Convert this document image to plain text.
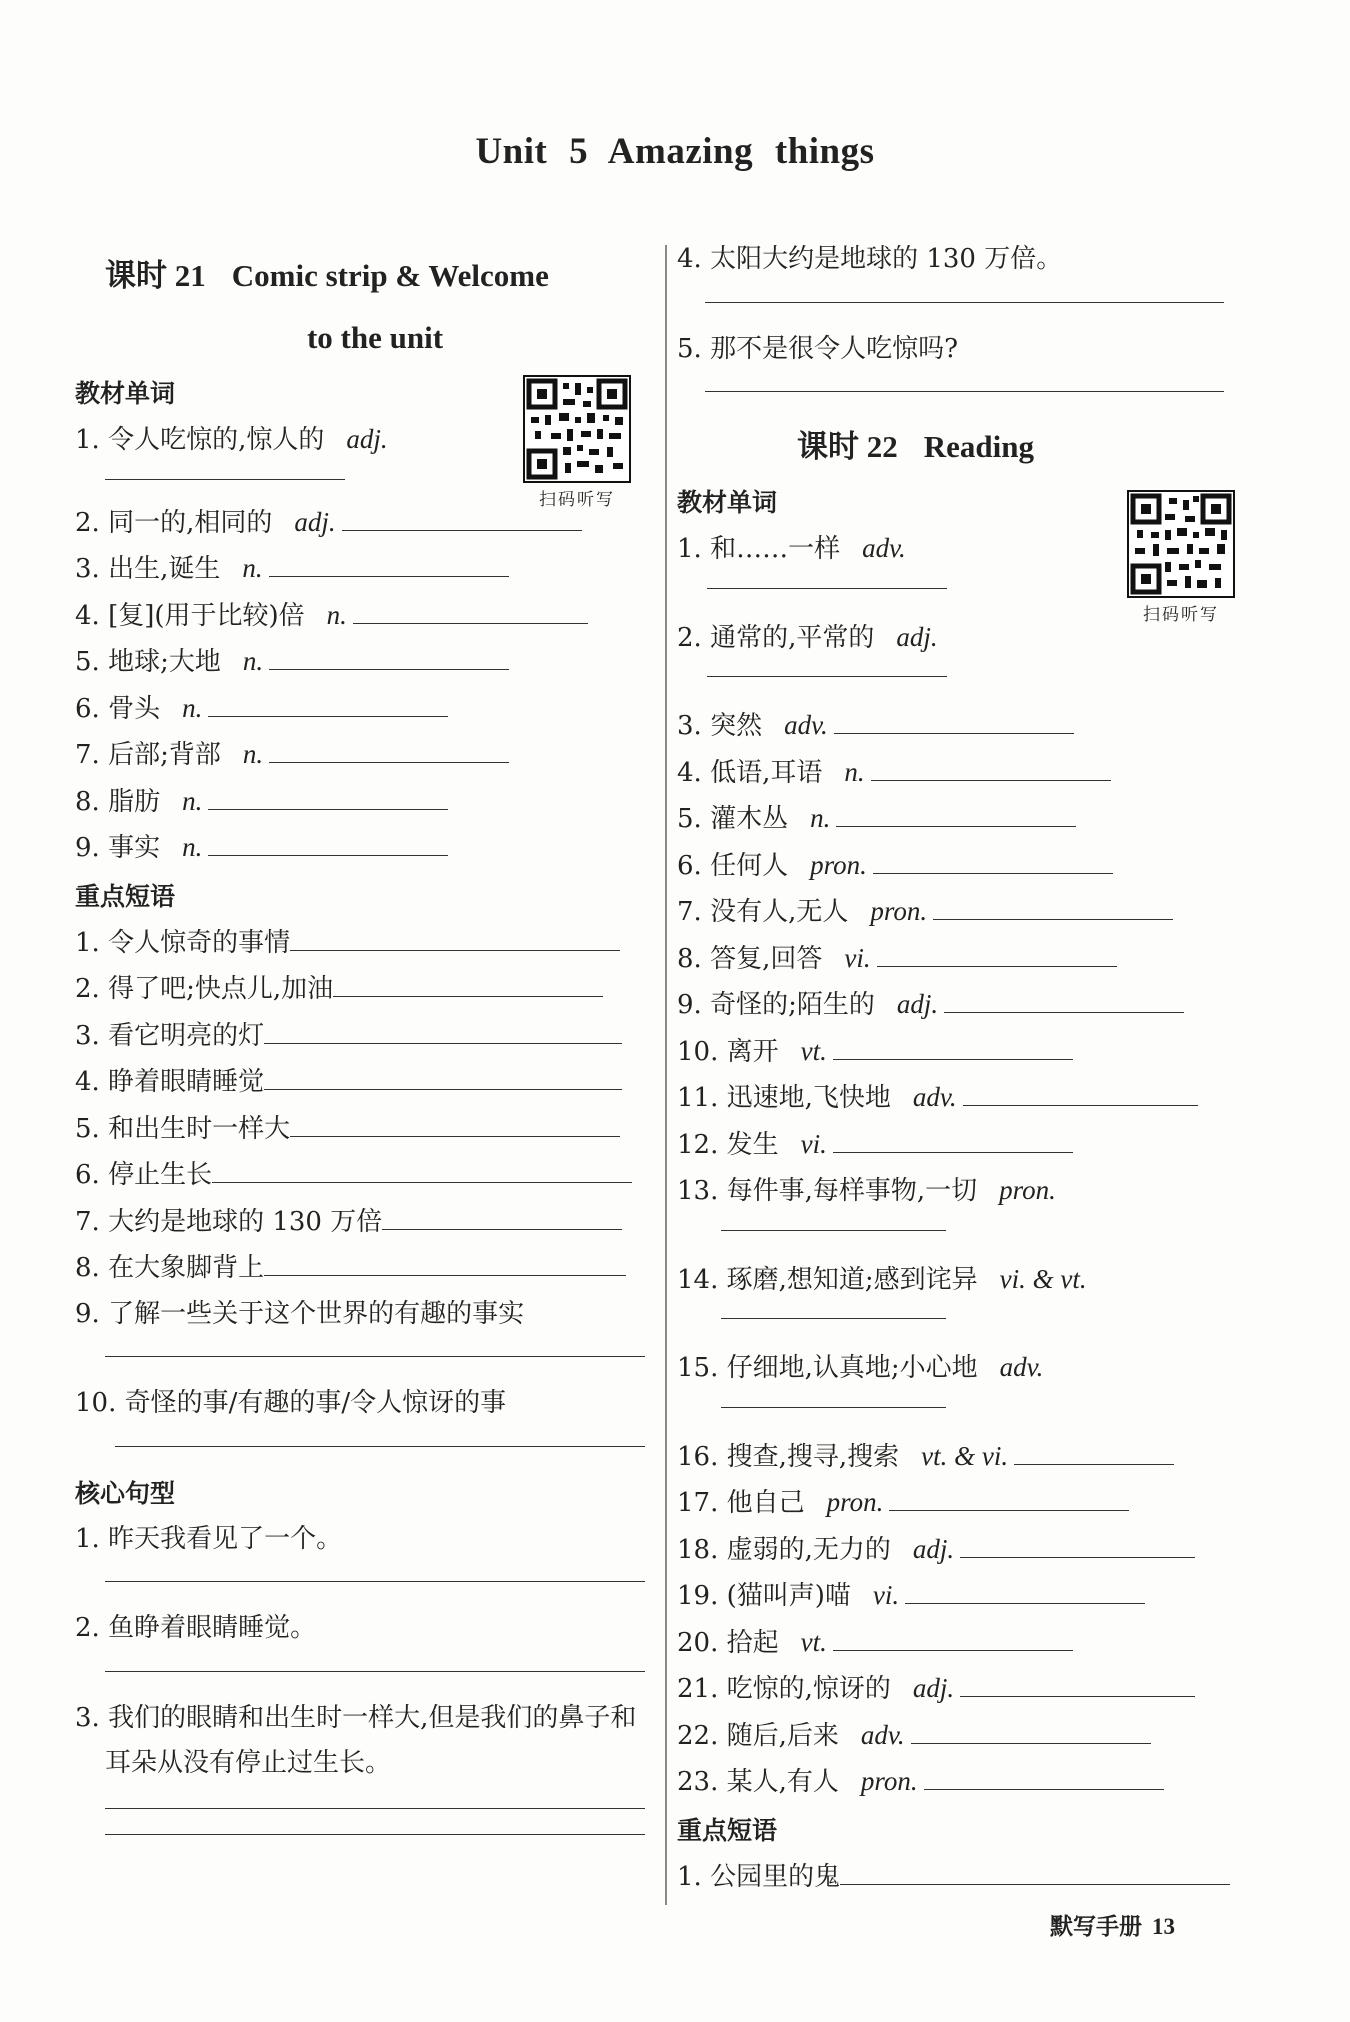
Unit 5 Amazing things
课时 21 Comic strip & Welcome
to the unit
扫码听写
教材单词
1. 令人吃惊的,惊人的 adj.
2. 同一的,相同的 adj.
3. 出生,诞生 n.
4. [复](用于比较)倍 n.
5. 地球;大地 n.
6. 骨头 n.
7. 后部;背部 n.
8. 脂肪 n.
9. 事实 n.
重点短语
1. 令人惊奇的事情
2. 得了吧;快点儿,加油
3. 看它明亮的灯
4. 睁着眼睛睡觉
5. 和出生时一样大
6. 停止生长
7. 大约是地球的 130 万倍
8. 在大象脚背上
9. 了解一些关于这个世界的有趣的事实
10. 奇怪的事/有趣的事/令人惊讶的事
核心句型
1. 昨天我看见了一个。
2. 鱼睁着眼睛睡觉。
3. 我们的眼睛和出生时一样大,但是我们的鼻子和耳朵从没有停止过生长。
4. 太阳大约是地球的 130 万倍。
5. 那不是很令人吃惊吗?
课时 22 Reading
扫码听写
教材单词
1. 和……一样 adv.
2. 通常的,平常的 adj.
3. 突然 adv.
4. 低语,耳语 n.
5. 灌木丛 n.
6. 任何人 pron.
7. 没有人,无人 pron.
8. 答复,回答 vi.
9. 奇怪的;陌生的 adj.
10. 离开 vt.
11. 迅速地,飞快地 adv.
12. 发生 vi.
13. 每件事,每样事物,一切 pron.
14. 琢磨,想知道;感到诧异 vi. & vt.
15. 仔细地,认真地;小心地 adv.
16. 搜查,搜寻,搜索 vt. & vi.
17. 他自己 pron.
18. 虚弱的,无力的 adj.
19. (猫叫声)喵 vi.
20. 拾起 vt.
21. 吃惊的,惊讶的 adj.
22. 随后,后来 adv.
23. 某人,有人 pron.
重点短语
1. 公园里的鬼
默写手册 13
